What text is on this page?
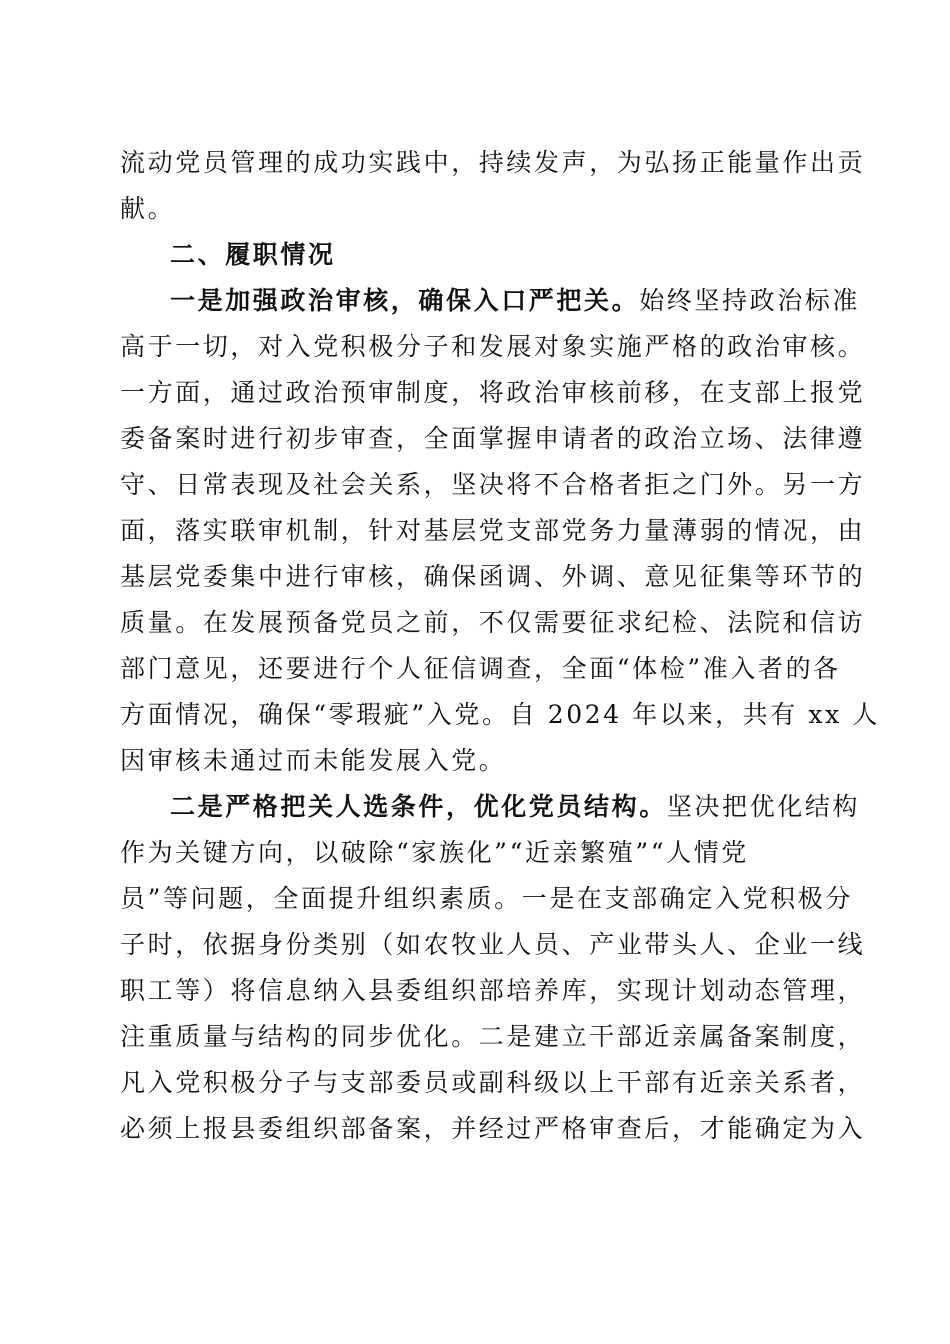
流动党员管理的成功实践中，持续发声，为弘扬正能量作出贡
献。
二、履职情况
一是加强政治审核，确保入口严把关。始终坚持政治标准
高于一切，对入党积极分子和发展对象实施严格的政治审核。
一方面，通过政治预审制度，将政治审核前移，在支部上报党
委备案时进行初步审查，全面掌握申请者的政治立场、法律遵
守、日常表现及社会关系，坚决将不合格者拒之门外。另一方
面，落实联审机制，针对基层党支部党务力量薄弱的情况，由
基层党委集中进行审核，确保函调、外调、意见征集等环节的
质量。在发展预备党员之前，不仅需要征求纪检、法院和信访
部门意见，还要进行个人征信调查，全面“体检”准入者的各
方面情况，确保“零瑕疵”入党。自 2024 年以来，共有 xx 人
因审核未通过而未能发展入党。
二是严格把关人选条件，优化党员结构。坚决把优化结构
作为关键方向，以破除“家族化”“近亲繁殖”“人情党
员”等问题，全面提升组织素质。一是在支部确定入党积极分
子时，依据身份类别（如农牧业人员、产业带头人、企业一线
职工等）将信息纳入县委组织部培养库，实现计划动态管理，
注重质量与结构的同步优化。二是建立干部近亲属备案制度，
凡入党积极分子与支部委员或副科级以上干部有近亲关系者，
必须上报县委组织部备案，并经过严格审查后，才能确定为入
